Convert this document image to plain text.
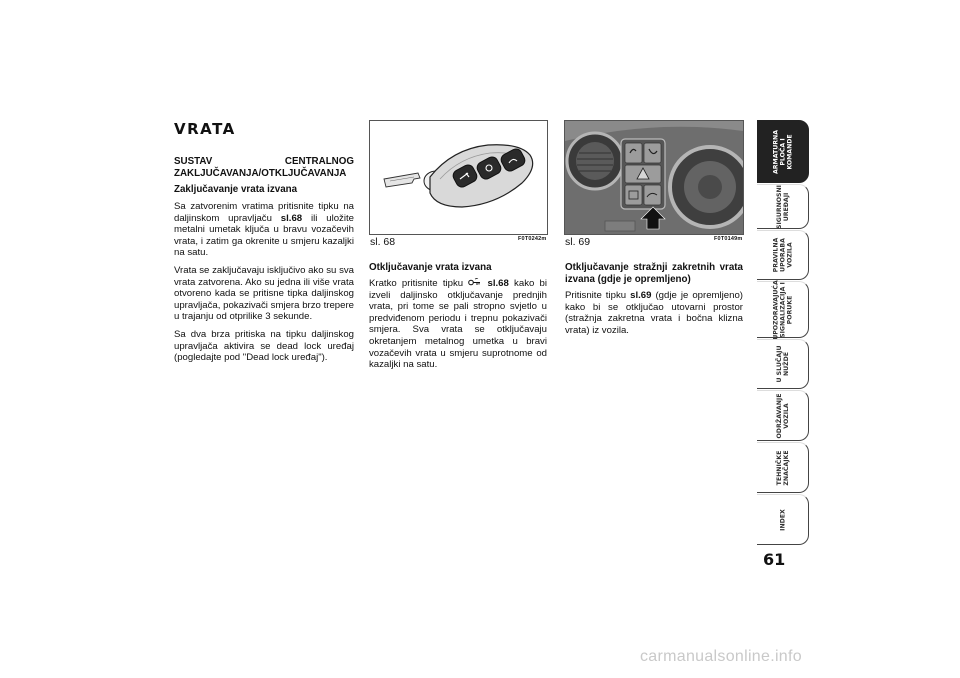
VRATA

SUSTAV CENTRALNOG ZAKLJUČAVANJA/OTKLJUČAVANJA

Zaključavanje vrata izvana

Sa zatvorenim vratima pritisnite tipku na daljinskom upravljaču sl.68 ili uložite metalni umetak ključa u bravu vozačevih vrata, i zatim ga okrenite u smjeru kazaljki na satu.

Vrata se zaključavaju isključivo ako su sva vrata zatvorena. Ako su jedna ili više vrata otvoreno kada se pritisne tipka daljinskog upravljača, pokazivači smjera brzo trepere u trajanju od otprilike 3 sekunde.

Sa dva brza pritiska na tipku daljinskog upravljača aktivira se dead lock uređaj (pogledajte pod "Dead lock uređaj").

sl. 68	F0T0242m

Otključavanje vrata izvana

Kratko pritisnite tipku  sl.68 kako bi izveli daljinsko otključavanje prednjih vrata, pri tome se pali stropno svjetlo u predviđenom periodu i trepnu pokazivači smjera. Sva vrata se otključavaju okretanjem metalnog umetka u bravi vozačevih vrata u smjeru suprotnome od kazaljki na satu.

sl. 69	F0T0149m

Otključavanje stražnji zakretnih vrata izvana (gdje je opremljeno)

Pritisnite tipku sl.69 (gdje je opremljeno) kako bi se otključao utovarni prostor (stražnja zakretna vrata i bočna klizna vrata) iz vozila.

ARMATURNA
PLOČA I
KOMANDE
SIGURNOSNI
UREĐAJI
PRAVILNA
UPORABA
VOZILA
UPOZORAVAJUĆA
SIGNALIZACIJA I
PORUKE
U SLUČAJU
NUŽDE
ODRŽAVANJE
VOZILA
TEHNIČKE
ZNAČAJKE
INDEX
61
carmanualsonline.info
